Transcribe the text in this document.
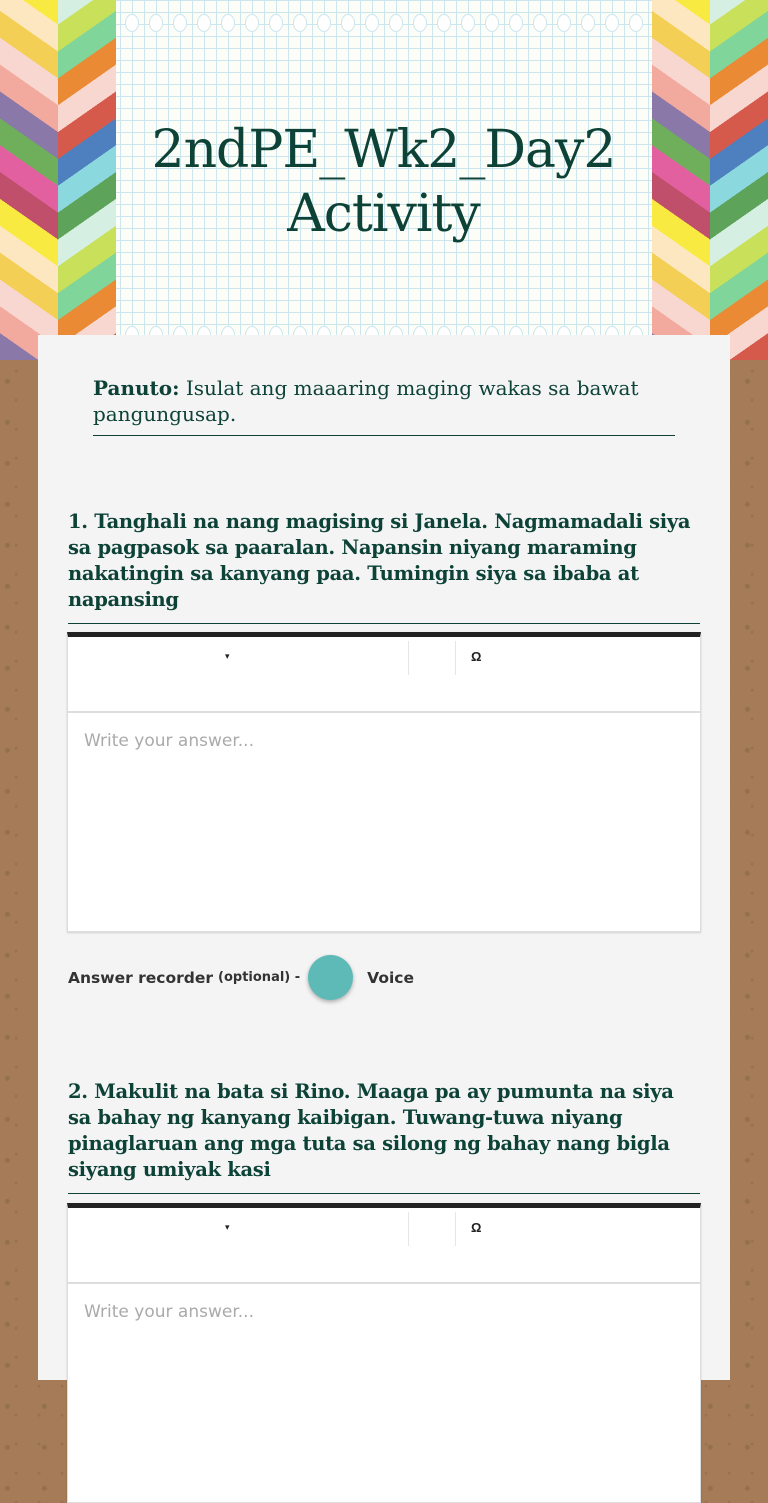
2ndPE_Wk2_Day2 Activity
Panuto: Isulat ang maaaring maging wakas sa bawat pangungusap.
1. Tanghali na nang magising si Janela. Nagmamadali siya sa pagpasok sa paaralan. Napansin niyang maraming nakatingin sa kanyang paa. Tumingin siya sa ibaba at napansing
▾	Ω
Write your answer...
Answer recorder (optional) -	Voice
2. Makulit na bata si Rino. Maaga pa ay pumunta na siya sa bahay ng kanyang kaibigan. Tuwang-tuwa niyang pinaglaruan ang mga tuta sa silong ng bahay nang bigla siyang umiyak kasi
▾	Ω
Write your answer...
